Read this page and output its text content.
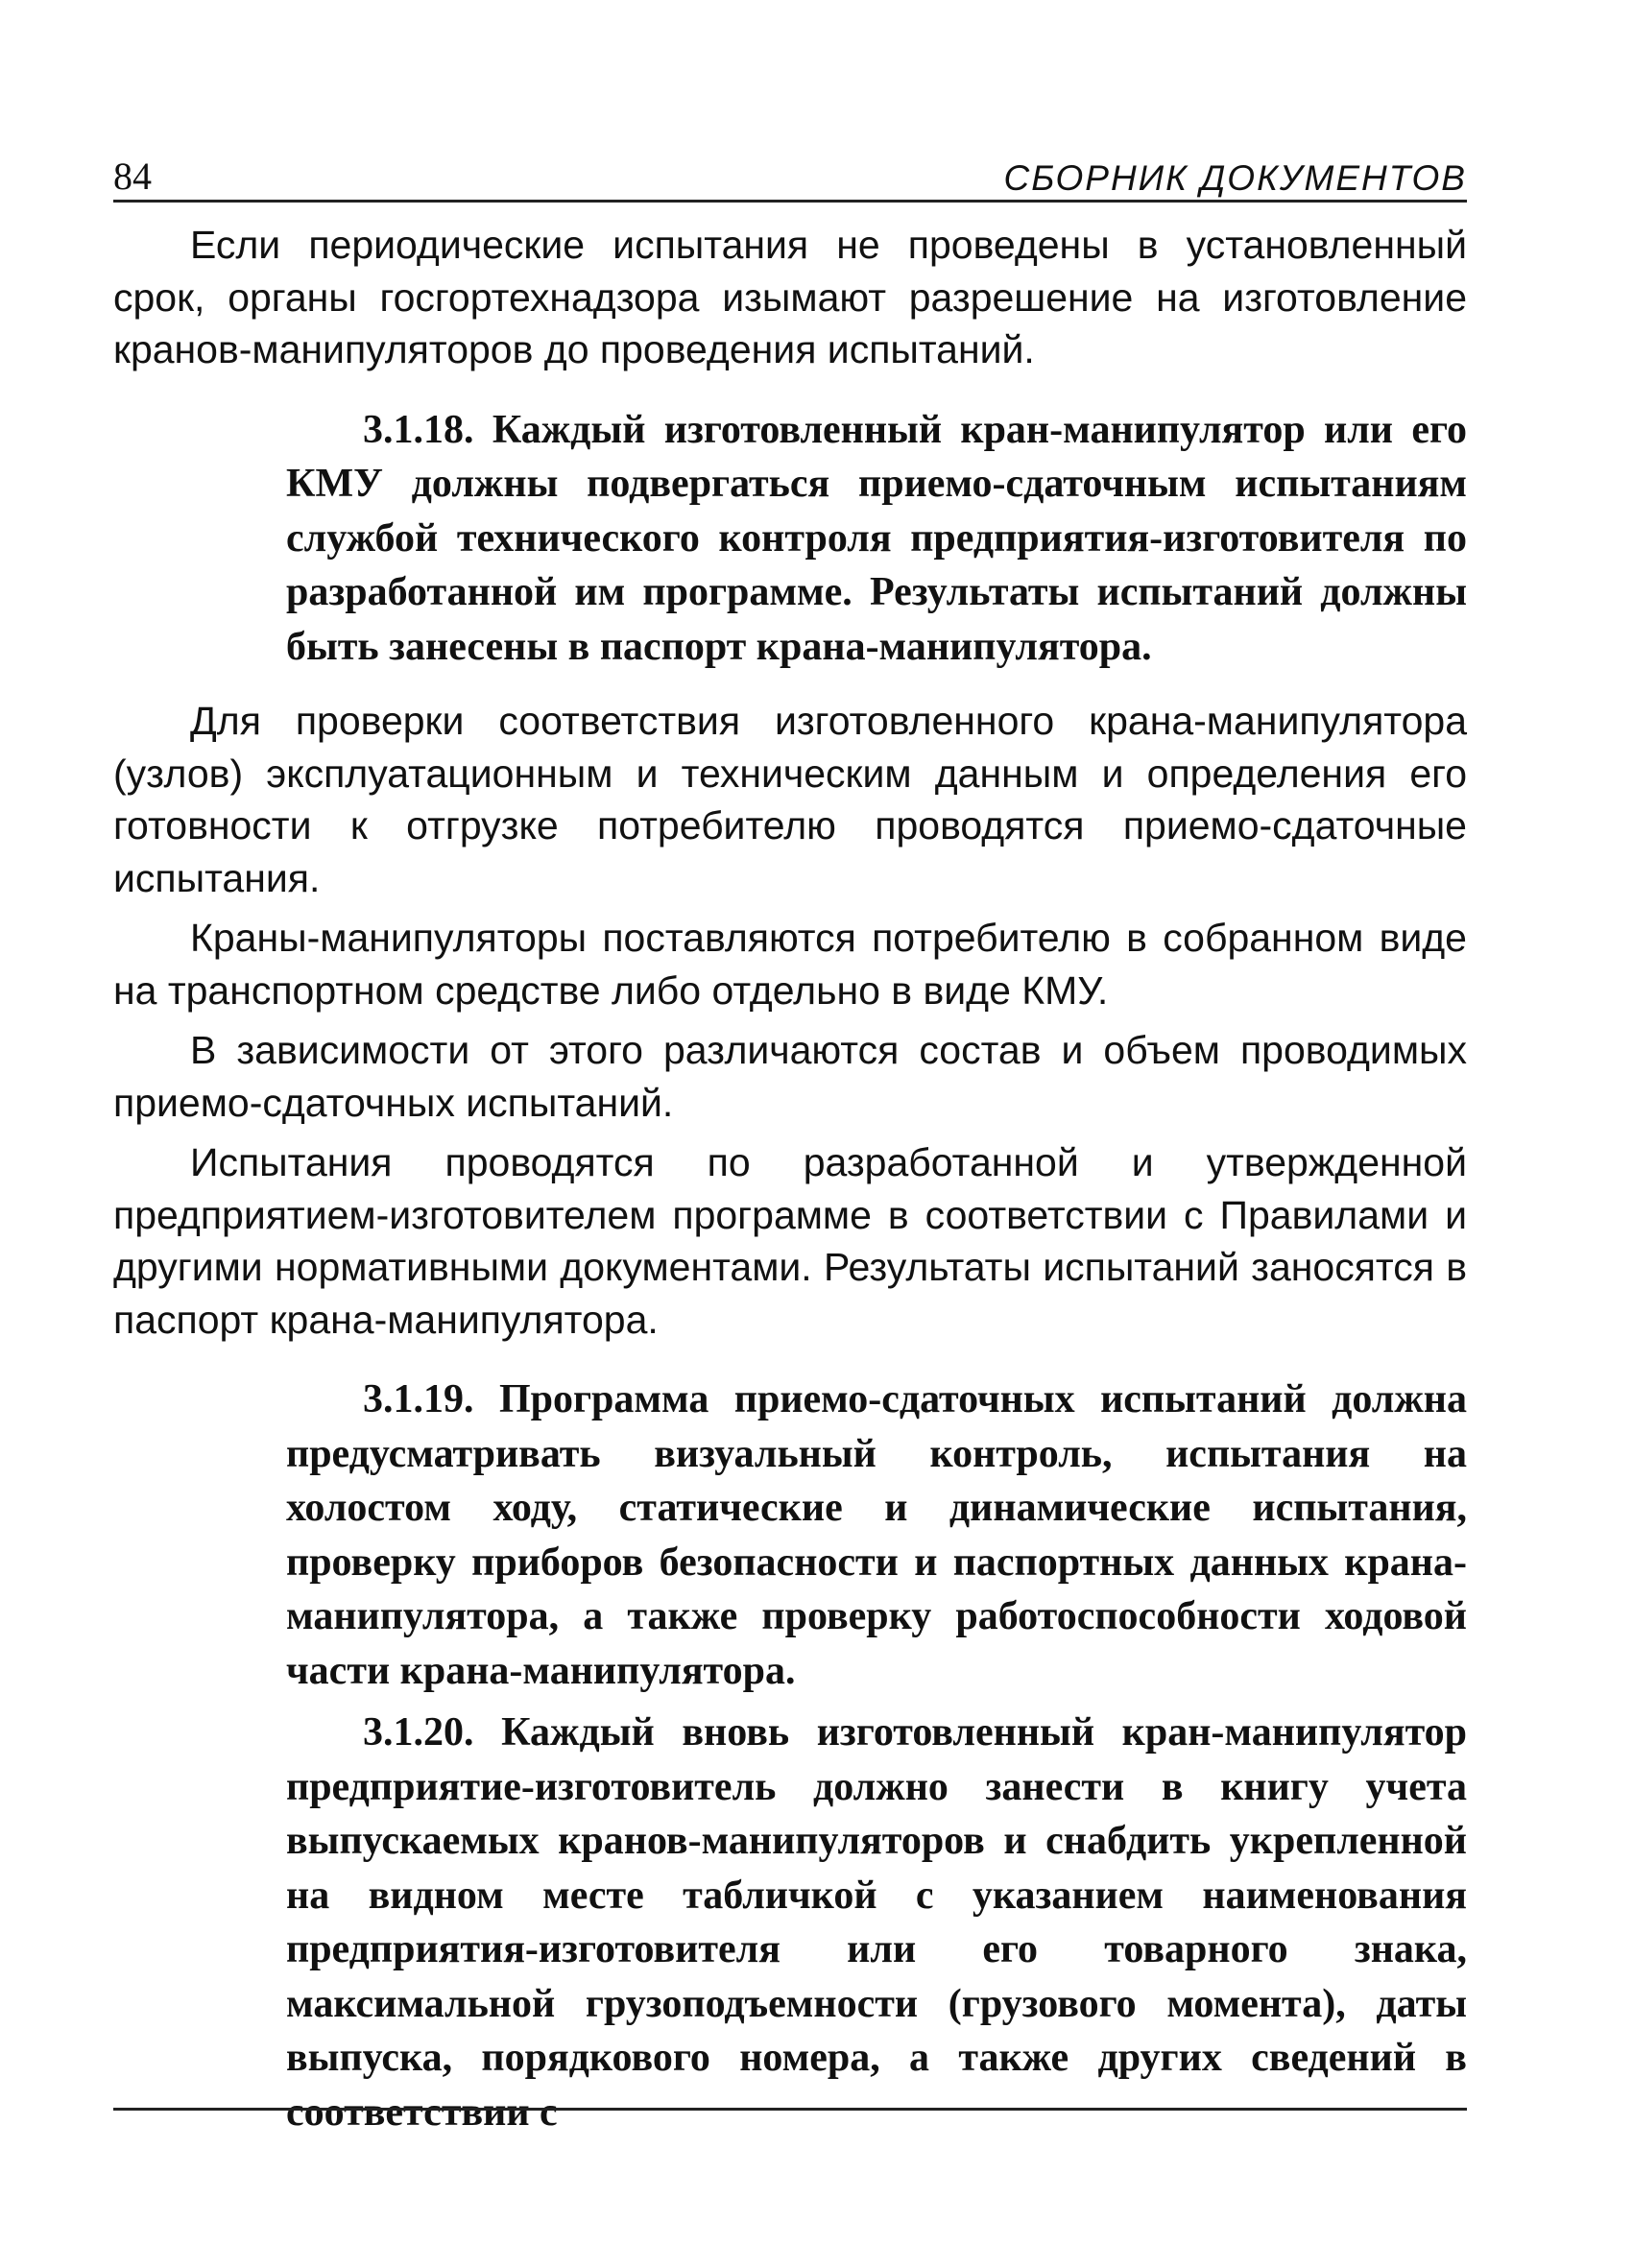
84	СБОРНИК ДОКУМЕНТОВ

Если периодические испытания не проведены в установленный срок, органы госгортехнадзора изымают разрешение на изготовление кранов-манипуляторов до проведения испытаний.

3.1.18. Каждый изготовленный кран-манипулятор или его КМУ должны подвергаться приемо-сдаточным испытаниям службой технического контроля предприятия-изготовителя по разработанной им программе. Результаты испытаний должны быть занесены в паспорт крана-манипулятора.

Для проверки соответствия изготовленного крана-манипулятора (узлов) эксплуатационным и техническим данным и определения его готовности к отгрузке потребителю проводятся приемо-сдаточные испытания.

Краны-манипуляторы поставляются потребителю в собранном виде на транспортном средстве либо отдельно в виде КМУ.

В зависимости от этого различаются состав и объем проводимых приемо-сдаточных испытаний.

Испытания проводятся по разработанной и утвержденной предприятием-изготовителем программе в соответствии с Правилами и другими нормативными документами. Результаты испытаний заносятся в паспорт крана-манипулятора.

3.1.19. Программа приемо-сдаточных испытаний должна предусматривать визуальный контроль, испытания на холостом ходу, статические и динамические испытания, проверку приборов безопасности и паспортных данных крана-манипулятора, а также проверку работоспособности ходовой части крана-манипулятора.

3.1.20. Каждый вновь изготовленный кран-манипулятор предприятие-изготовитель должно занести в книгу учета выпускаемых кранов-манипуляторов и снабдить укрепленной на видном месте табличкой с указанием наименования предприятия-изготовителя или его товарного знака, максимальной грузоподъемности (грузового момента), даты выпуска, порядкового номера, а также других сведений в соответствии с
